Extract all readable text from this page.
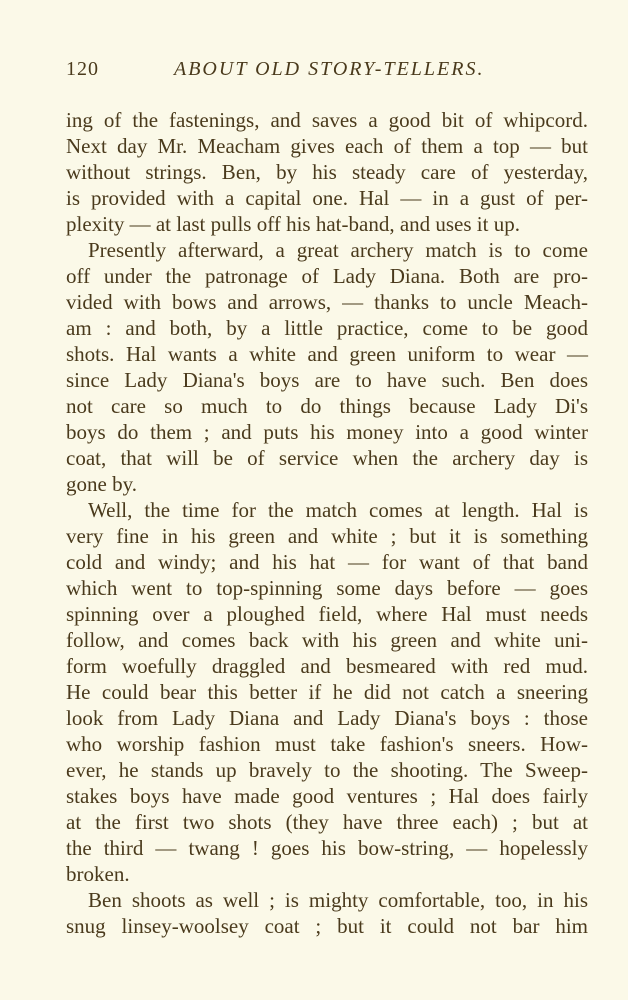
120	ABOUT OLD STORY-TELLERS.
ing of the fastenings, and saves a good bit of whipcord.
Next day Mr. Meacham gives each of them a top — but
without strings. Ben, by his steady care of yesterday,
is provided with a capital one. Hal — in a gust of per-
plexity — at last pulls off his hat-band, and uses it up.
Presently afterward, a great archery match is to come
off under the patronage of Lady Diana. Both are pro-
vided with bows and arrows, — thanks to uncle Meach-
am : and both, by a little practice, come to be good
shots. Hal wants a white and green uniform to wear —
since Lady Diana's boys are to have such. Ben does
not care so much to do things because Lady Di's
boys do them ; and puts his money into a good winter
coat, that will be of service when the archery day is
gone by.
Well, the time for the match comes at length. Hal is
very fine in his green and white ; but it is something
cold and windy; and his hat — for want of that band
which went to top-spinning some days before — goes
spinning over a ploughed field, where Hal must needs
follow, and comes back with his green and white uni-
form woefully draggled and besmeared with red mud.
He could bear this better if he did not catch a sneering
look from Lady Diana and Lady Diana's boys : those
who worship fashion must take fashion's sneers. How-
ever, he stands up bravely to the shooting. The Sweep-
stakes boys have made good ventures ; Hal does fairly
at the first two shots (they have three each) ; but at
the third — twang ! goes his bow-string, — hopelessly
broken.
Ben shoots as well ; is mighty comfortable, too, in his
snug linsey-woolsey coat ; but it could not bar him
